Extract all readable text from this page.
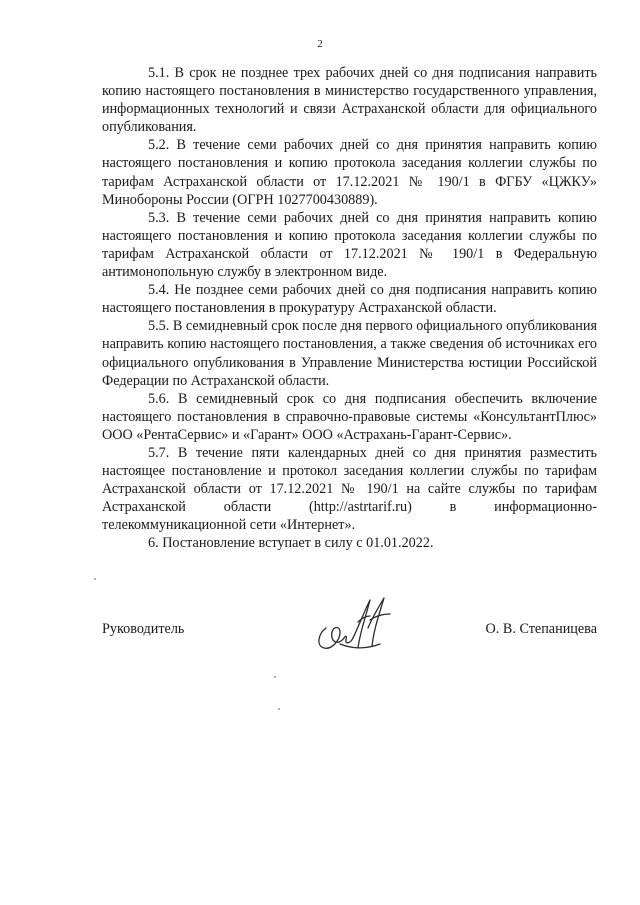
2

5.1. В срок не позднее трех рабочих дней со дня подписания направить копию настоящего постановления в министерство государственного управления, информационных технологий и связи Астраханской области для официального опубликования.

5.2. В течение семи рабочих дней со дня принятия направить копию настоящего постановления и копию протокола заседания коллегии службы по тарифам Астраханской области от 17.12.2021 № 190/1 в ФГБУ «ЦЖКУ» Минобороны России (ОГРН 1027700430889).

5.3. В течение семи рабочих дней со дня принятия направить копию настоящего постановления и копию протокола заседания коллегии службы по тарифам Астраханской области от 17.12.2021 № 190/1 в Федеральную антимонопольную службу в электронном виде.

5.4. Не позднее семи рабочих дней со дня подписания направить копию настоящего постановления в прокуратуру Астраханской области.

5.5. В семидневный срок после дня первого официального опубликования направить копию настоящего постановления, а также сведения об источниках его официального опубликования в Управление Министерства юстиции Российской Федерации по Астраханской области.

5.6. В семидневный срок со дня подписания обеспечить включение настоящего постановления в справочно-правовые системы «КонсультантПлюс» ООО «РентаСервис» и «Гарант» ООО «Астрахань-Гарант-Сервис».

5.7. В течение пяти календарных дней со дня принятия разместить настоящее постановление и протокол заседания коллегии службы по тарифам Астраханской области от 17.12.2021 № 190/1 на сайте службы по тарифам Астраханской области (http://astrtarif.ru) в информационно-телекоммуникационной сети «Интернет».

6. Постановление вступает в силу с 01.01.2022.

Руководитель	О. В. Степаницева
